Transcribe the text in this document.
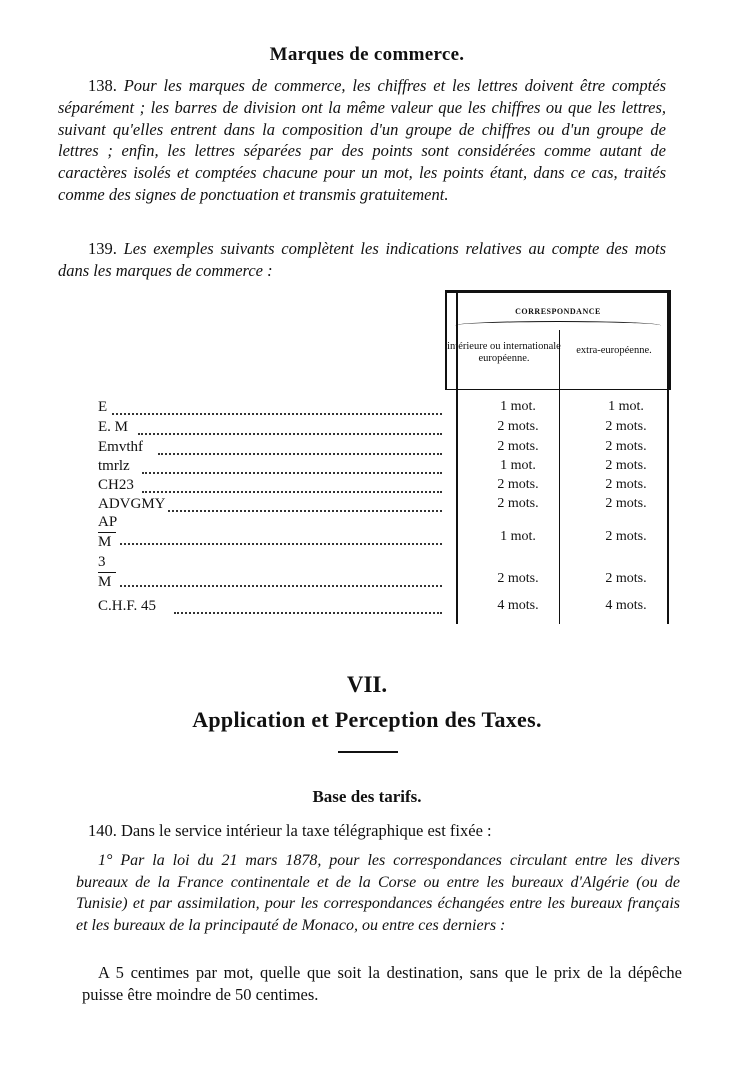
Marques de commerce.
138. Pour les marques de commerce, les chiffres et les lettres doivent être comptés séparément ; les barres de division ont la même valeur que les chiffres ou que les lettres, suivant qu'elles entrent dans la composition d'un groupe de chiffres ou d'un groupe de lettres ; enfin, les lettres séparées par des points sont considérées comme autant de caractères isolés et comptées chacune pour un mot, les points étant, dans ce cas, traités comme des signes de ponctuation et transmis gratuitement.
139. Les exemples suivants complètent les indications relatives au compte des mots dans les marques de commerce :
CORRESPONDANCE
intérieure ou internationale européenne.
extra-européenne.
E	1 mot.	1 mot.
E. M	2 mots.	2 mots.
Emvthf	2 mots.	2 mots.
tmrlz	1 mot.	2 mots.
CH23	2 mots.	2 mots.
ADVGMY	2 mots.	2 mots.
AP
M	1 mot.	2 mots.
3
M	2 mots.	2 mots.
C.H.F. 45	4 mots.	4 mots.
VII.
Application et Perception des Taxes.
Base des tarifs.
140. Dans le service intérieur la taxe télégraphique est fixée :
1° Par la loi du 21 mars 1878, pour les correspondances circulant entre les divers bureaux de la France continentale et de la Corse ou entre les bureaux d'Algérie (ou de Tunisie) et par assimilation, pour les correspondances échangées entre les bureaux français et les bureaux de la principauté de Monaco, ou entre ces derniers :
A 5 centimes par mot, quelle que soit la destination, sans que le prix de la dépêche puisse être moindre de 50 centimes.
